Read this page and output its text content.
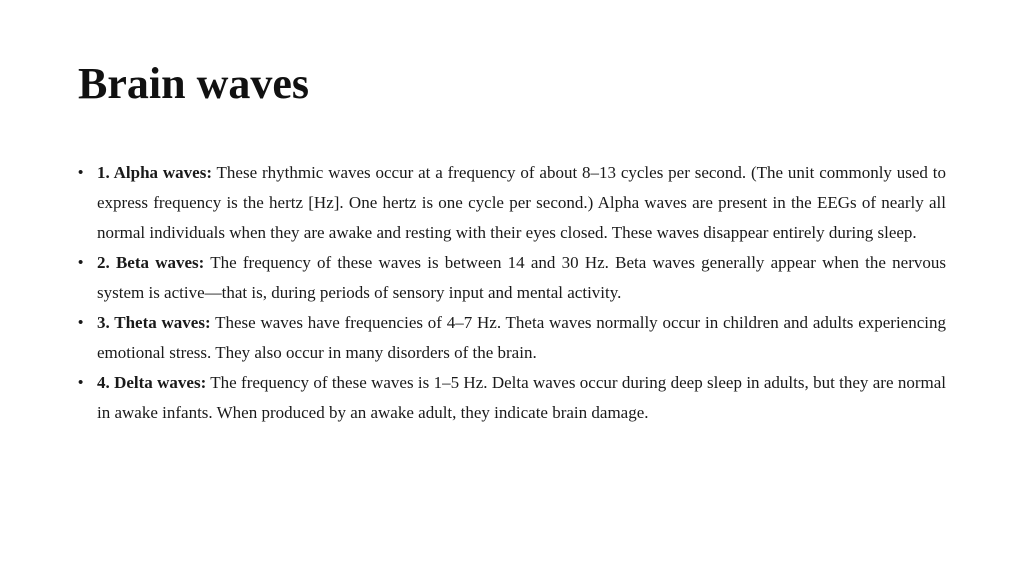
Brain waves
• 1. Alpha waves: These rhythmic waves occur at a frequency of about 8–13 cycles per second. (The unit commonly used to express frequency is the hertz [Hz]. One hertz is one cycle per second.) Alpha waves are present in the EEGs of nearly all normal individuals when they are awake and resting with their eyes closed. These waves disappear entirely during sleep.
• 2. Beta waves: The frequency of these waves is between 14 and 30 Hz. Beta waves generally appear when the nervous system is active—that is, during periods of sensory input and mental activity.
• 3. Theta waves: These waves have frequencies of 4–7 Hz. Theta waves normally occur in children and adults experiencing emotional stress. They also occur in many disorders of the brain.
• 4. Delta waves: The frequency of these waves is 1–5 Hz. Delta waves occur during deep sleep in adults, but they are normal in awake infants. When produced by an awake adult, they indicate brain damage.
